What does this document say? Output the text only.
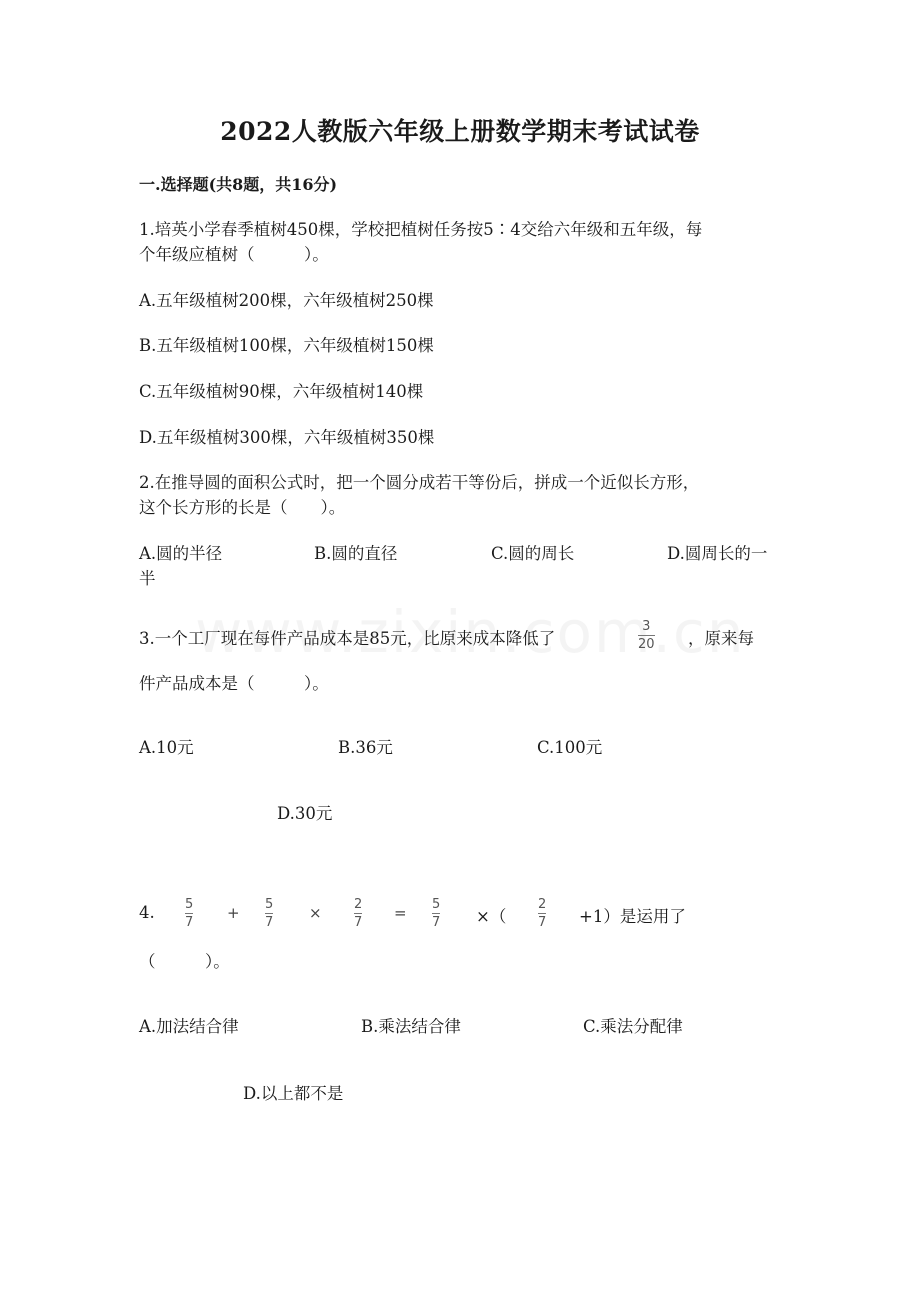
2022人教版六年级上册数学期末考试试卷
一.选择题(共8题，共16分)
1.培英小学春季植树450棵，学校把植树任务按5∶4交给六年级和五年级，每
个年级应植树（　　　）。
A.五年级植树200棵，六年级植树250棵
B.五年级植树100棵，六年级植树150棵
C.五年级植树90棵，六年级植树140棵
D.五年级植树300棵，六年级植树350棵
2.在推导圆的面积公式时，把一个圆分成若干等份后，拼成一个近似长方形，
这个长方形的长是（　　）。
A.圆的半径	B.圆的直径	C.圆的周长	D.圆周长的一
半
3.一个工厂现在每件产品成本是85元，比原来成本降低了
3
20 ，原来每
件产品成本是（　　　）。
A.10元	B.36元	C.100元
D.30元
4. 5
7
+ 5
7
× 2
7
= 5
7 ×（
2
7 +1）是运用了
（　　　）。
A.加法结合律	B.乘法结合律	C.乘法分配律
D.以上都不是
